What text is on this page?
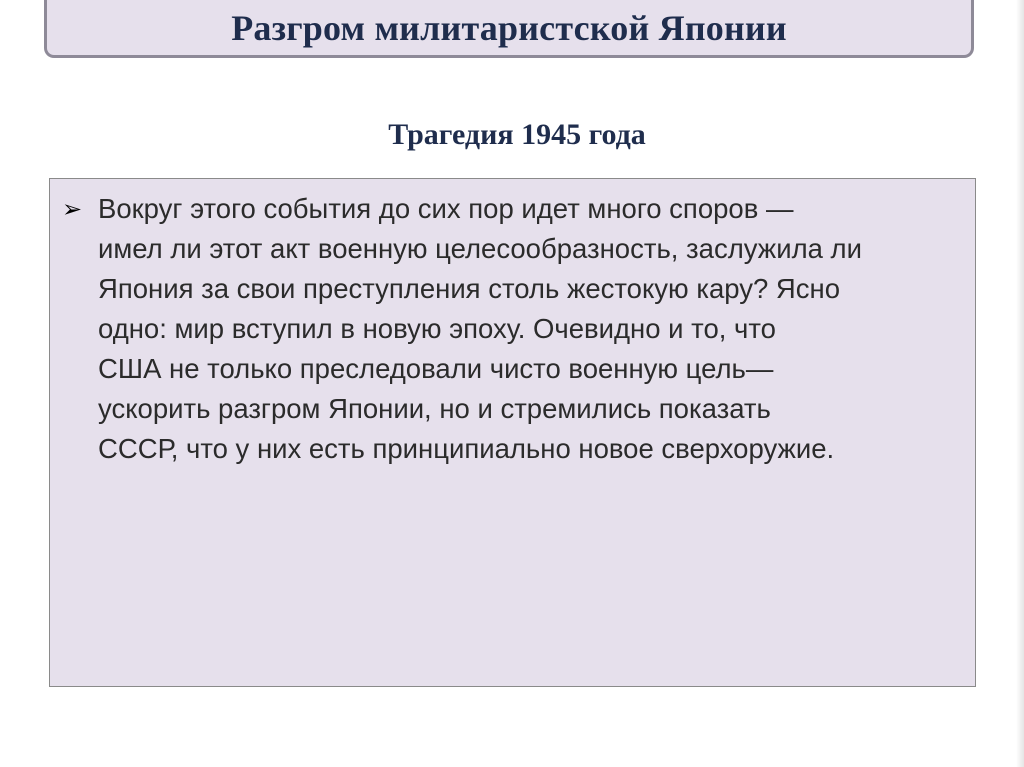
Разгром милитаристской Японии
Трагедия 1945 года
➢ Вокруг этого события до сих пор идет много споров —
имел ли этот акт военную целесообразность, заслужила ли
Япония за свои преступления столь жестокую кару? Ясно
одно: мир вступил в новую эпоху. Очевидно и то, что
США не только преследовали чисто военную цель—
ускорить разгром Японии, но и стремились показать
СССР, что у них есть принципиально новое сверхоружие.
